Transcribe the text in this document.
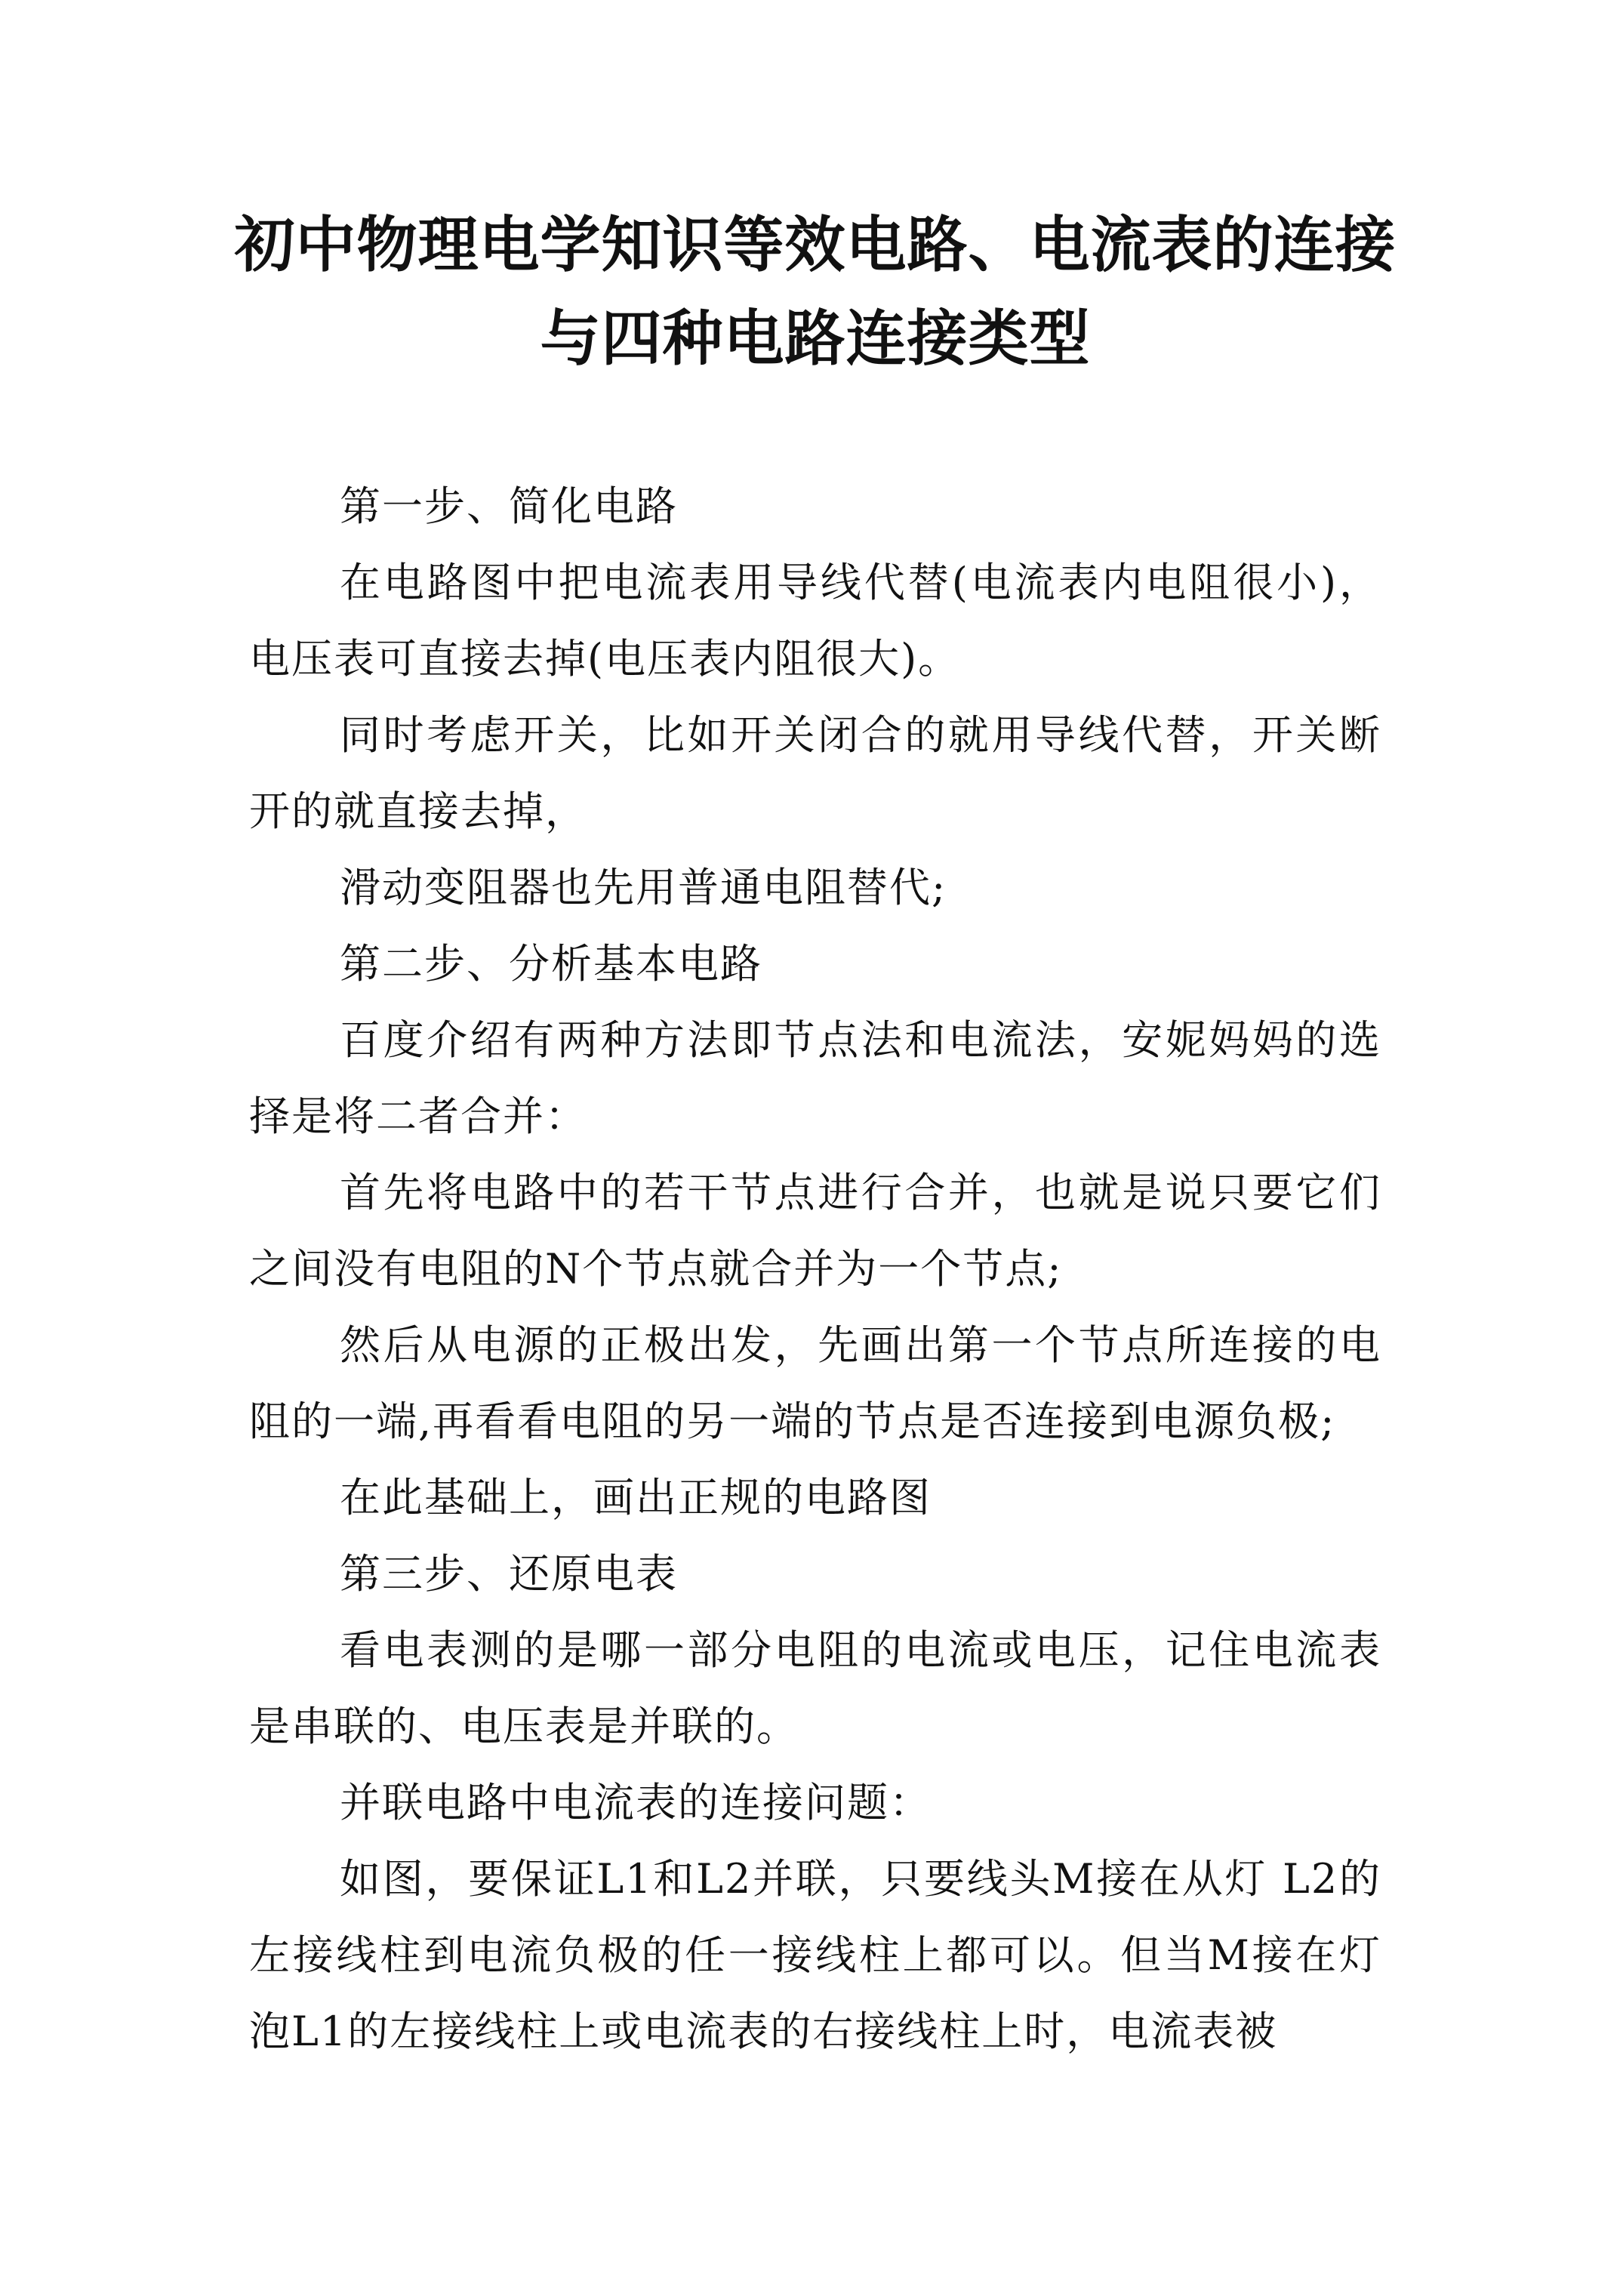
初中物理电学知识等效电路、电流表的连接
与四种电路连接类型

第一步、简化电路

在电路图中把电流表用导线代替(电流表内电阻很小)，电压表可直接去掉(电压表内阻很大)。

同时考虑开关，比如开关闭合的就用导线代替，开关断开的就直接去掉，

滑动变阻器也先用普通电阻替代;

第二步、分析基本电路

百度介绍有两种方法即节点法和电流法，安妮妈妈的选择是将二者合并：

首先将电路中的若干节点进行合并，也就是说只要它们之间没有电阻的N个节点就合并为一个节点;

然后从电源的正极出发，先画出第一个节点所连接的电阻的一端,再看看电阻的另一端的节点是否连接到电源负极;

在此基础上，画出正规的电路图

第三步、还原电表

看电表测的是哪一部分电阻的电流或电压，记住电流表是串联的、电压表是并联的。

并联电路中电流表的连接问题：

如图，要保证L1和L2并联，只要线头M接在从灯 L2的左接线柱到电流负极的任一接线柱上都可以。但当M接在灯泡L1的左接线柱上或电流表的右接线柱上时，电流表被
